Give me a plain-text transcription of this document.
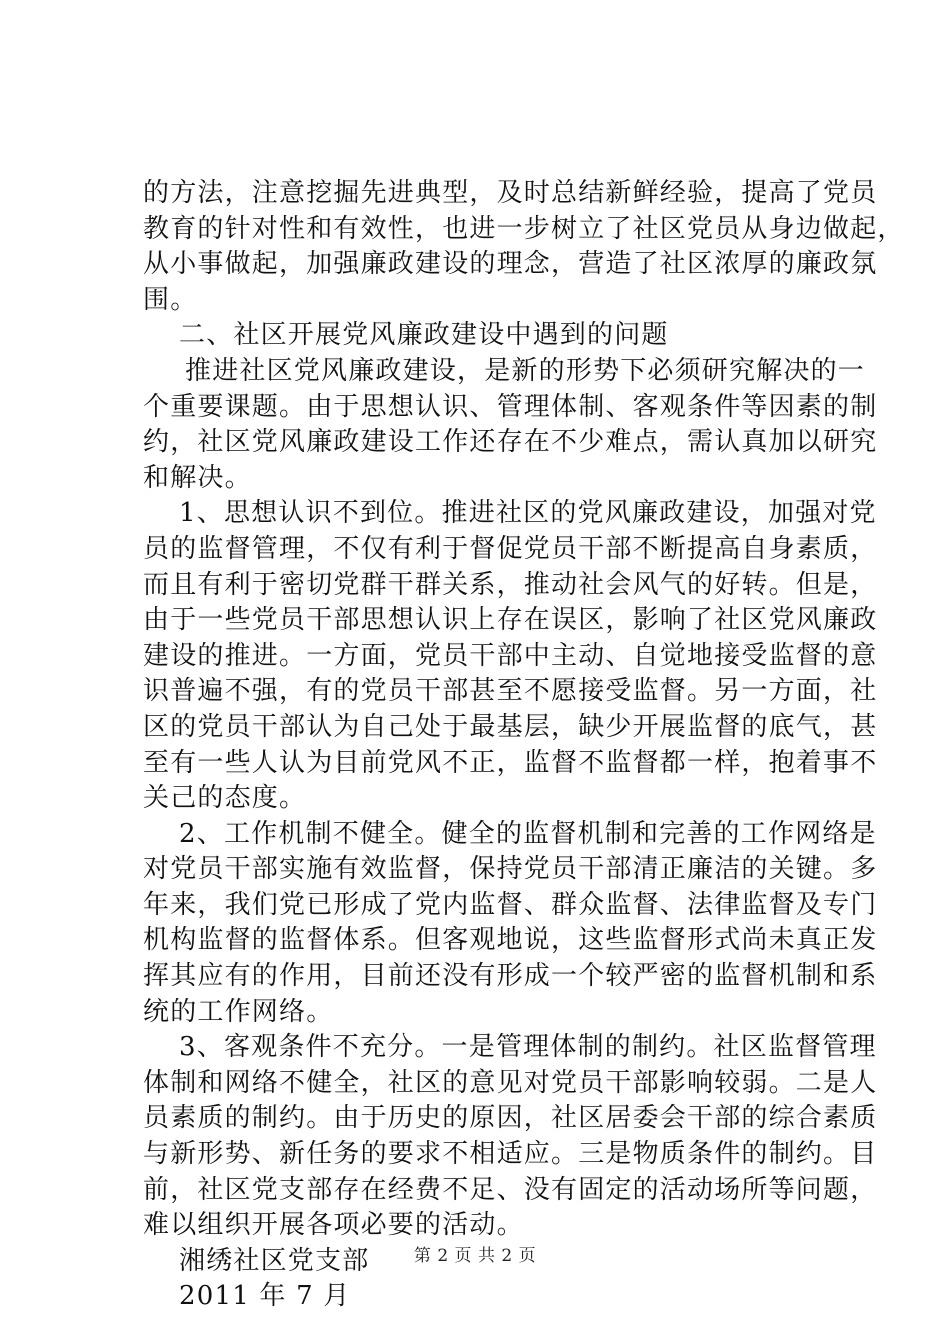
的方法，注意挖掘先进典型，及时总结新鲜经验，提高了党员
教育的针对性和有效性，也进一步树立了社区党员从身边做起，
从小事做起，加强廉政建设的理念，营造了社区浓厚的廉政氛
围。
二、社区开展党风廉政建设中遇到的问题
推进社区党风廉政建设，是新的形势下必须研究解决的一
个重要课题。由于思想认识、管理体制、客观条件等因素的制
约，社区党风廉政建设工作还存在不少难点，需认真加以研究
和解决。
1、思想认识不到位。推进社区的党风廉政建设，加强对党
员的监督管理，不仅有利于督促党员干部不断提高自身素质，
而且有利于密切党群干群关系，推动社会风气的好转。但是，
由于一些党员干部思想认识上存在误区，影响了社区党风廉政
建设的推进。一方面，党员干部中主动、自觉地接受监督的意
识普遍不强，有的党员干部甚至不愿接受监督。另一方面，社
区的党员干部认为自己处于最基层，缺少开展监督的底气，甚
至有一些人认为目前党风不正，监督不监督都一样，抱着事不
关己的态度。
2、工作机制不健全。健全的监督机制和完善的工作网络是
对党员干部实施有效监督，保持党员干部清正廉洁的关键。多
年来，我们党已形成了党内监督、群众监督、法律监督及专门
机构监督的监督体系。但客观地说，这些监督形式尚未真正发
挥其应有的作用，目前还没有形成一个较严密的监督机制和系
统的工作网络。
3、客观条件不充分。一是管理体制的制约。社区监督管理
体制和网络不健全，社区的意见对党员干部影响较弱。二是人
员素质的制约。由于历史的原因，社区居委会干部的综合素质
与新形势、新任务的要求不相适应。三是物质条件的制约。目
前，社区党支部存在经费不足、没有固定的活动场所等问题，
难以组织开展各项必要的活动。
湘绣社区党支部
2011 年 7 月
第 2 页 共 2 页
